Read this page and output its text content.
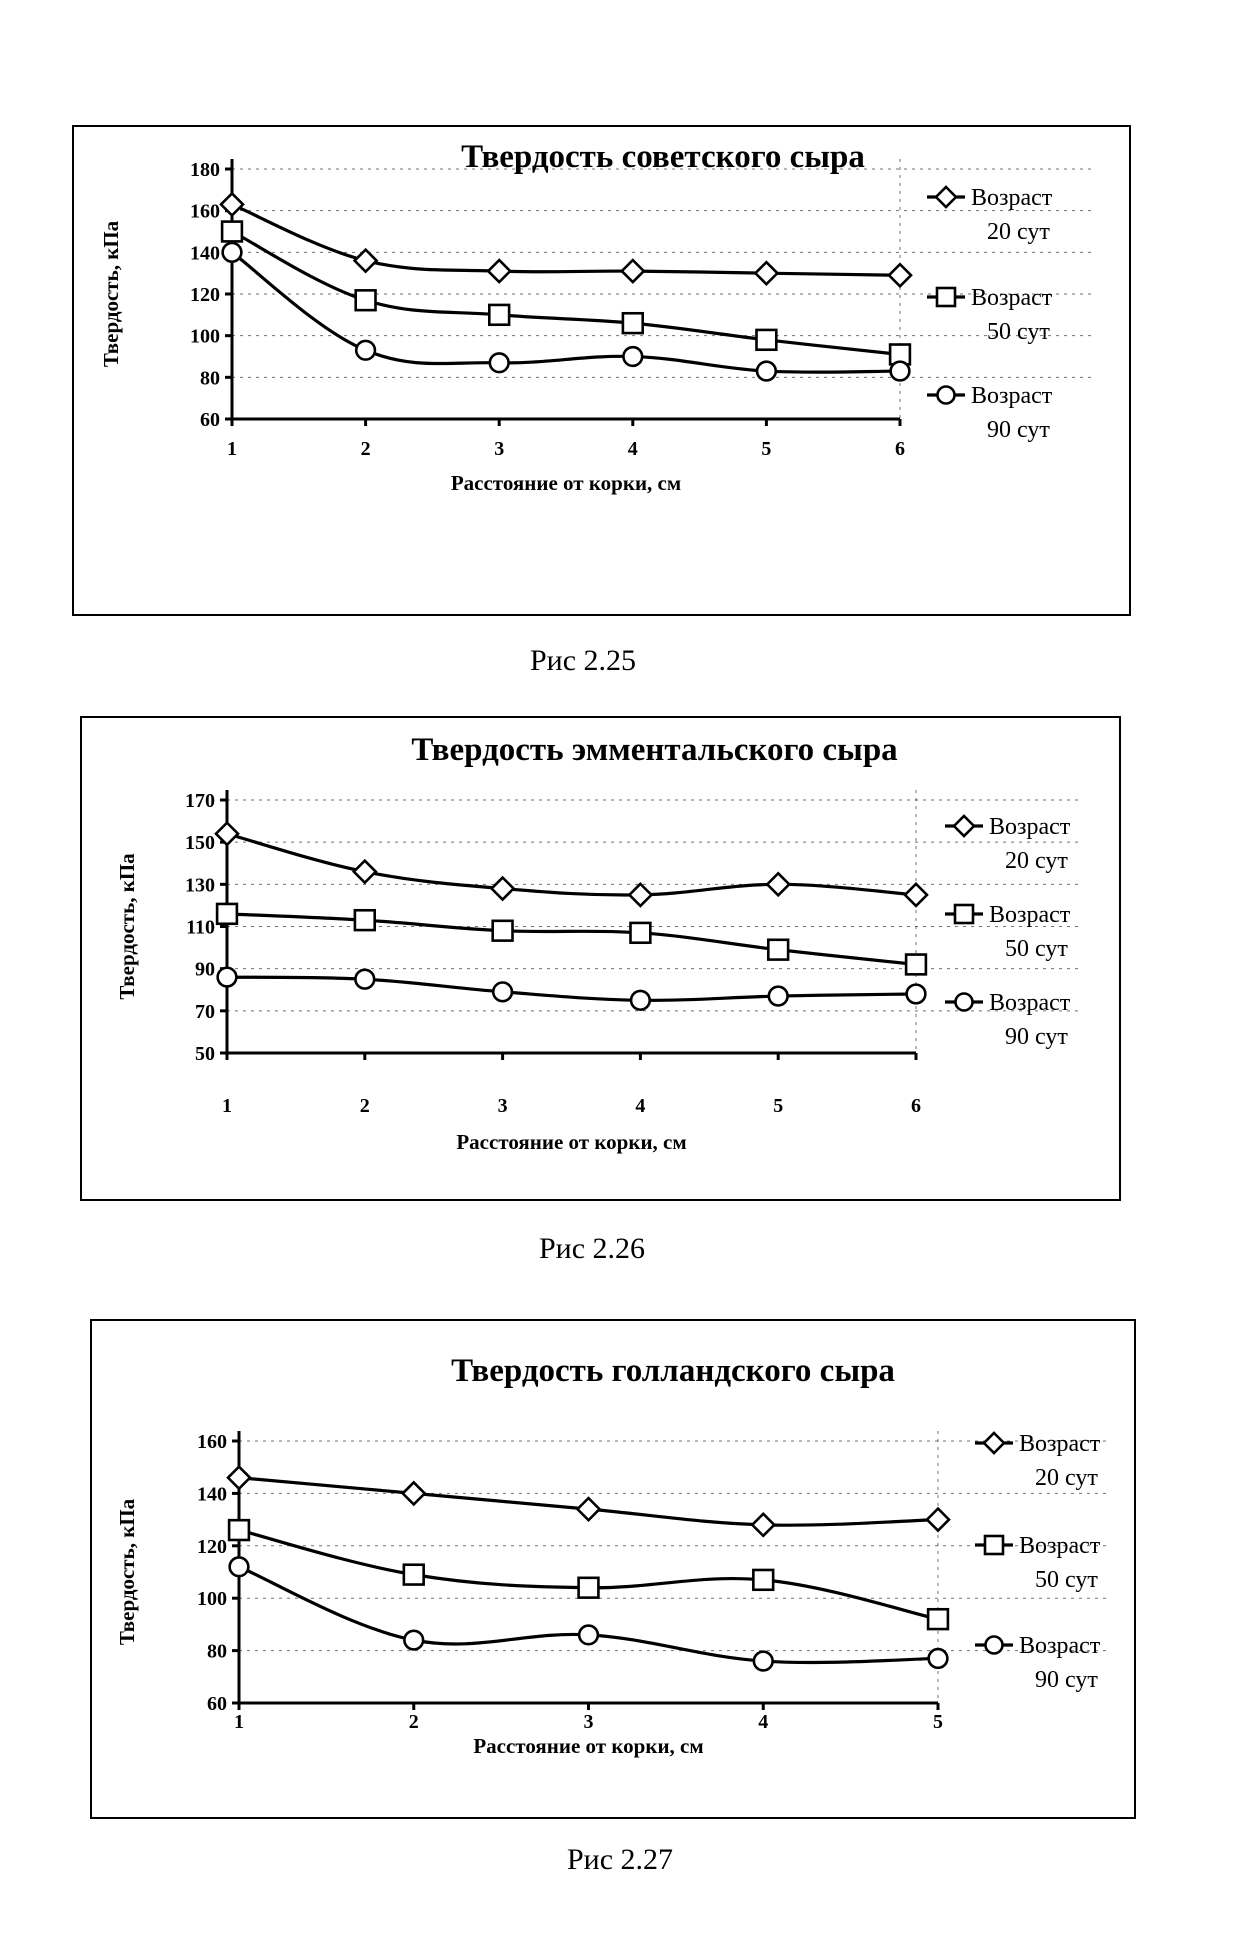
Твердость советского сыра
60
80
100
120
140
160
180
1	2	3	4	5	6
Расстояние от корки, см
Твердость, кПа
Возраст
20 сут
Возраст
50 сут
Возраст
90 сут
Рис 2.25
Твердость эмментальского сыра
50
70
90
110
130
150
170
1	2	3	4	5	6
Расстояние от корки, см
Твердость, кПа
Возраст
20 сут
Возраст
50 сут
Возраст
90 сут
Рис 2.26
Твердость голландского сыра
60
80
100
120
140
160
1	2	3	4	5
Расстояние от корки, см
Твердость, кПа
Возраст
20 сут
Возраст
50 сут
Возраст
90 сут
Рис 2.27
